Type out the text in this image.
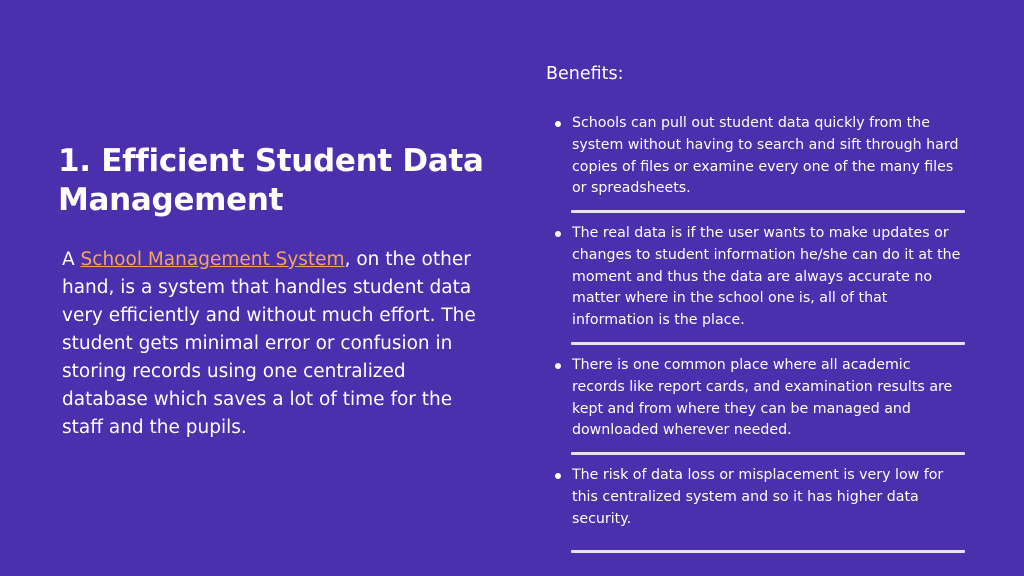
1. Efficient Student Data Management

A School Management System, on the other hand, is a system that handles student data very efficiently and without much effort. The student gets minimal error or confusion in storing records using one centralized database which saves a lot of time for the staff and the pupils.

Benefits:

Schools can pull out student data quickly from the system without having to search and sift through hard copies of files or examine every one of the many files or spreadsheets.
The real data is if the user wants to make updates or changes to student information he/she can do it at the moment and thus the data are always accurate no matter where in the school one is, all of that information is the place.
There is one common place where all academic records like report cards, and examination results are kept and from where they can be managed and downloaded wherever needed.
The risk of data loss or misplacement is very low for this centralized system and so it has higher data security.
